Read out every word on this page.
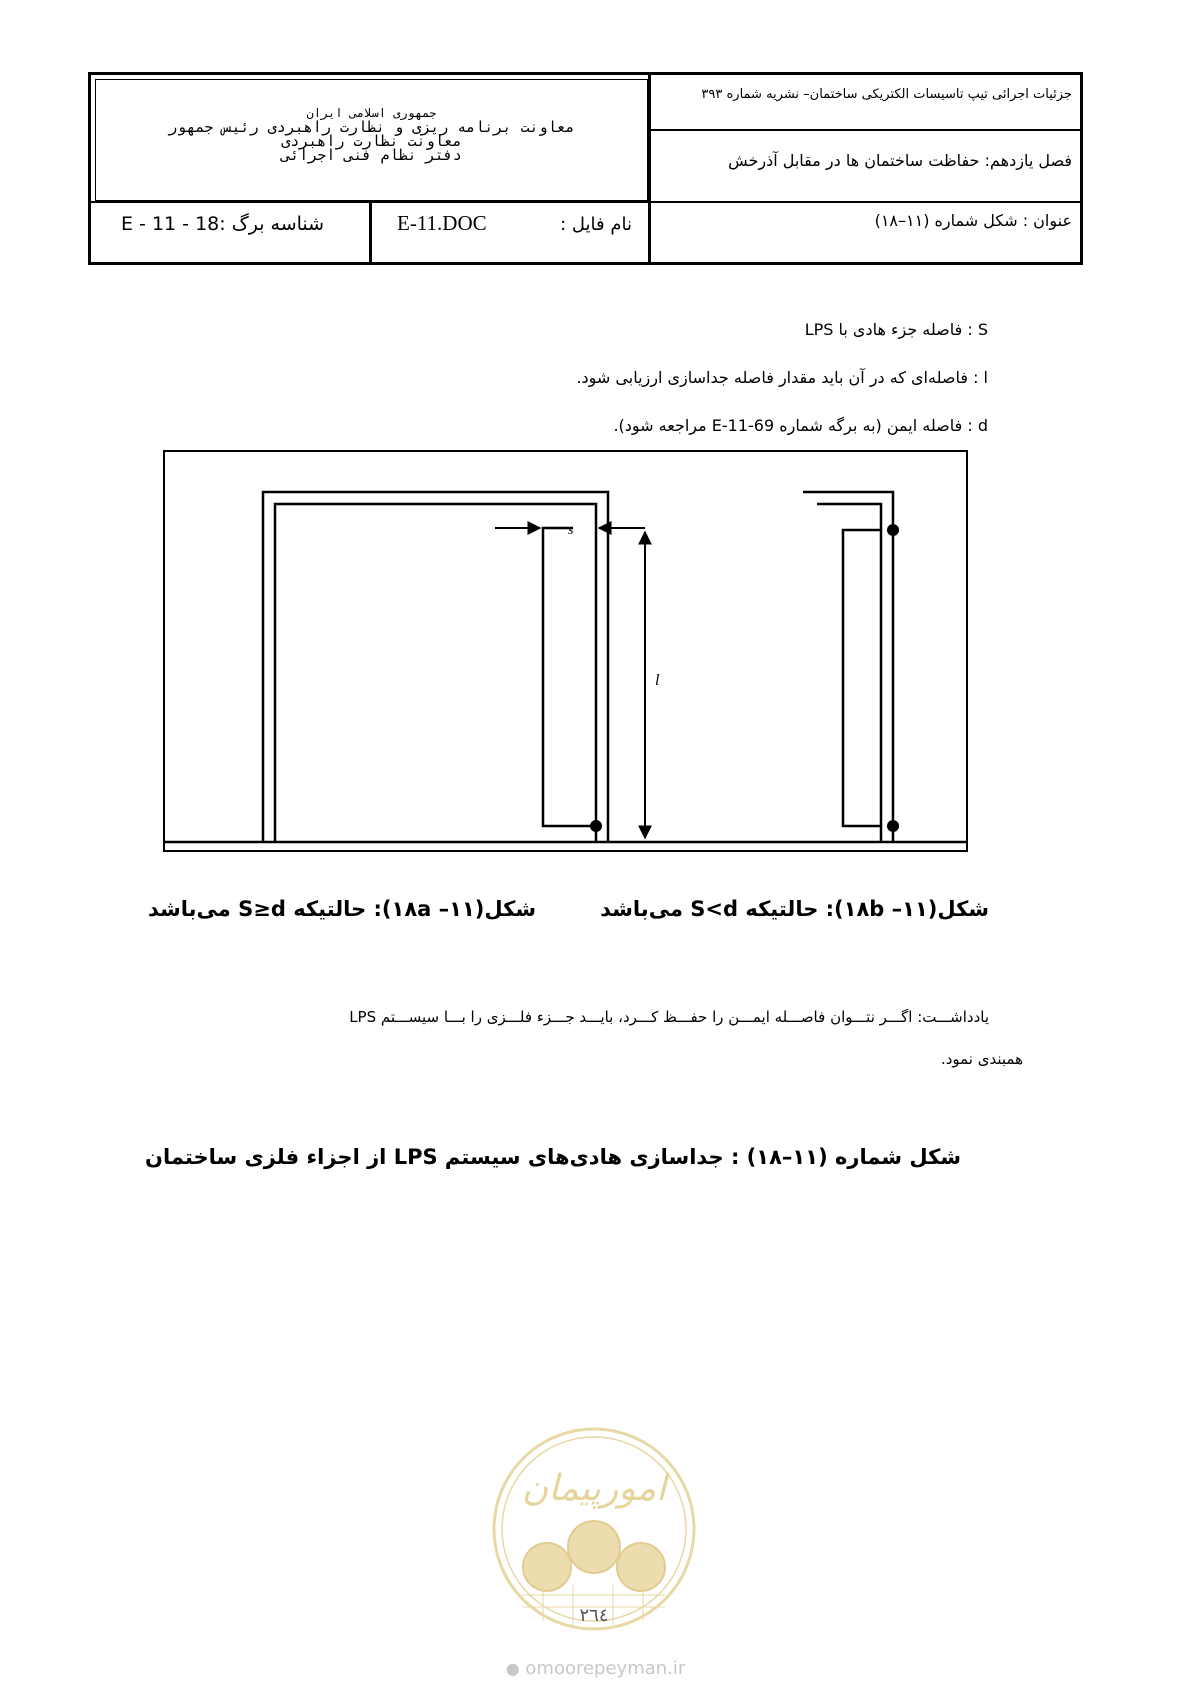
جزئیات اجرائی تیپ تاسیسات الکتریکی ساختمان– نشریه شماره ۳۹۳
فصل یازدهم: حفاظت ساختمان ها در مقابل آذرخش
عنوان : شکل شماره (۱۱–۱۸)
جمهوری اسلامی ایران
معاونت برنامه ریزی و نظارت راهبردی رئیس جمهور
معاونت نظارت راهبردی
دفتر نظام فنی اجرائی
نام فایل :
E-11.DOC
شناسه برگ :18 - 11 - E
S : فاصله جزء هادی با LPS
l : فاصله‌ای که در آن باید مقدار فاصله جداسازی ارزیابی شود.
d : فاصله ایمن (به برگه شماره E-11-69 مراجعه شود).
s
l
شکل(۱۱– ۱۸b): حالتیکه S<d می‌باشد
شکل(۱۱– ۱۸a): حالتیکه S≥d می‌باشد
یادداشـــت: اگـــر نتـــوان فاصـــله ایمـــن را حفـــظ کـــرد، بایـــد جـــزء فلـــزی را بـــا سیســـتم LPS
همبندی نمود.
شکل شماره (۱۱–۱۸) : جداسازی هادی‌های سیستم LPS از اجزاء فلزی ساختمان
امورپیمان
۲٦٤
● omoorepeyman.ir
